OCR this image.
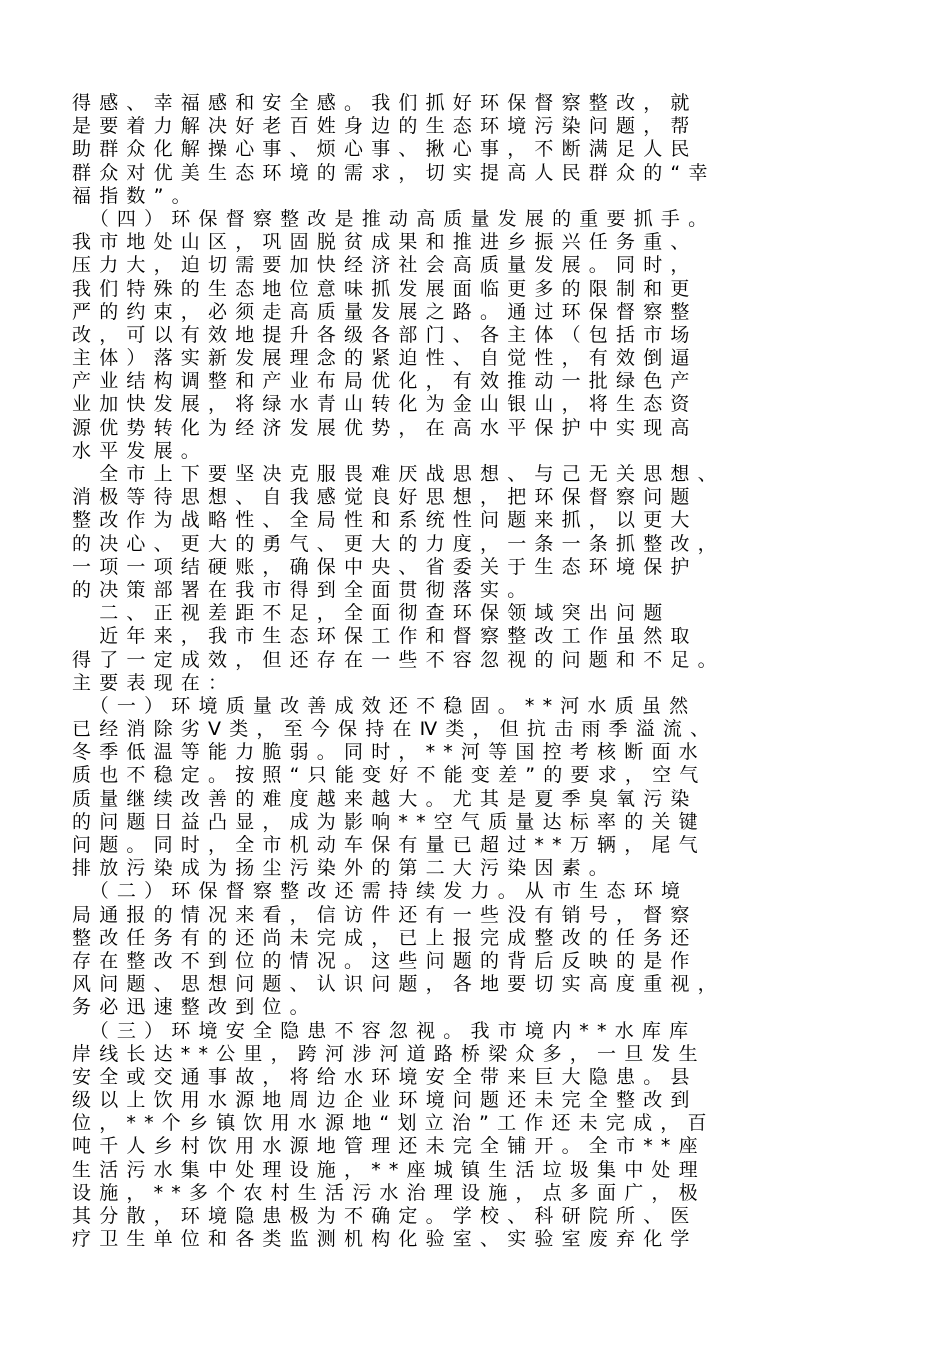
得感、幸福感和安全感。我们抓好环保督察整改，就
是要着力解决好老百姓身边的生态环境污染问题，帮
助群众化解操心事、烦心事、揪心事，不断满足人民
群众对优美生态环境的需求，切实提高人民群众的“幸
福指数”。
　（四）环保督察整改是推动高质量发展的重要抓手。
我市地处山区，巩固脱贫成果和推进乡振兴任务重、
压力大，迫切需要加快经济社会高质量发展。同时，
我们特殊的生态地位意味抓发展面临更多的限制和更
严的约束，必须走高质量发展之路。通过环保督察整
改，可以有效地提升各级各部门、各主体（包括市场
主体）落实新发展理念的紧迫性、自觉性，有效倒逼
产业结构调整和产业布局优化，有效推动一批绿色产
业加快发展，将绿水青山转化为金山银山，将生态资
源优势转化为经济发展优势，在高水平保护中实现高
水平发展。
　全市上下要坚决克服畏难厌战思想、与己无关思想、
消极等待思想、自我感觉良好思想，把环保督察问题
整改作为战略性、全局性和系统性问题来抓，以更大
的决心、更大的勇气、更大的力度，一条一条抓整改，
一项一项结硬账，确保中央、省委关于生态环境保护
的决策部署在我市得到全面贯彻落实。
　二、正视差距不足，全面彻查环保领域突出问题
　近年来，我市生态环保工作和督察整改工作虽然取
得了一定成效，但还存在一些不容忽视的问题和不足。
主要表现在：
　（一）环境质量改善成效还不稳固。**河水质虽然
已经消除劣Ⅴ类，至今保持在Ⅳ类，但抗击雨季溢流、
冬季低温等能力脆弱。同时，**河等国控考核断面水
质也不稳定。按照“只能变好不能变差”的要求，空气
质量继续改善的难度越来越大。尤其是夏季臭氧污染
的问题日益凸显，成为影响**空气质量达标率的关键
问题。同时，全市机动车保有量已超过**万辆，尾气
排放污染成为扬尘污染外的第二大污染因素。
　（二）环保督察整改还需持续发力。从市生态环境
局通报的情况来看，信访件还有一些没有销号，督察
整改任务有的还尚未完成，已上报完成整改的任务还
存在整改不到位的情况。这些问题的背后反映的是作
风问题、思想问题、认识问题，各地要切实高度重视，
务必迅速整改到位。
　（三）环境安全隐患不容忽视。我市境内**水库库
岸线长达**公里，跨河涉河道路桥梁众多，一旦发生
安全或交通事故，将给水环境安全带来巨大隐患。县
级以上饮用水源地周边企业环境问题还未完全整改到
位，**个乡镇饮用水源地“划立治”工作还未完成，百
吨千人乡村饮用水源地管理还未完全铺开。全市**座
生活污水集中处理设施，**座城镇生活垃圾集中处理
设施，**多个农村生活污水治理设施，点多面广，极
其分散，环境隐患极为不确定。学校、科研院所、医
疗卫生单位和各类监测机构化验室、实验室废弃化学
